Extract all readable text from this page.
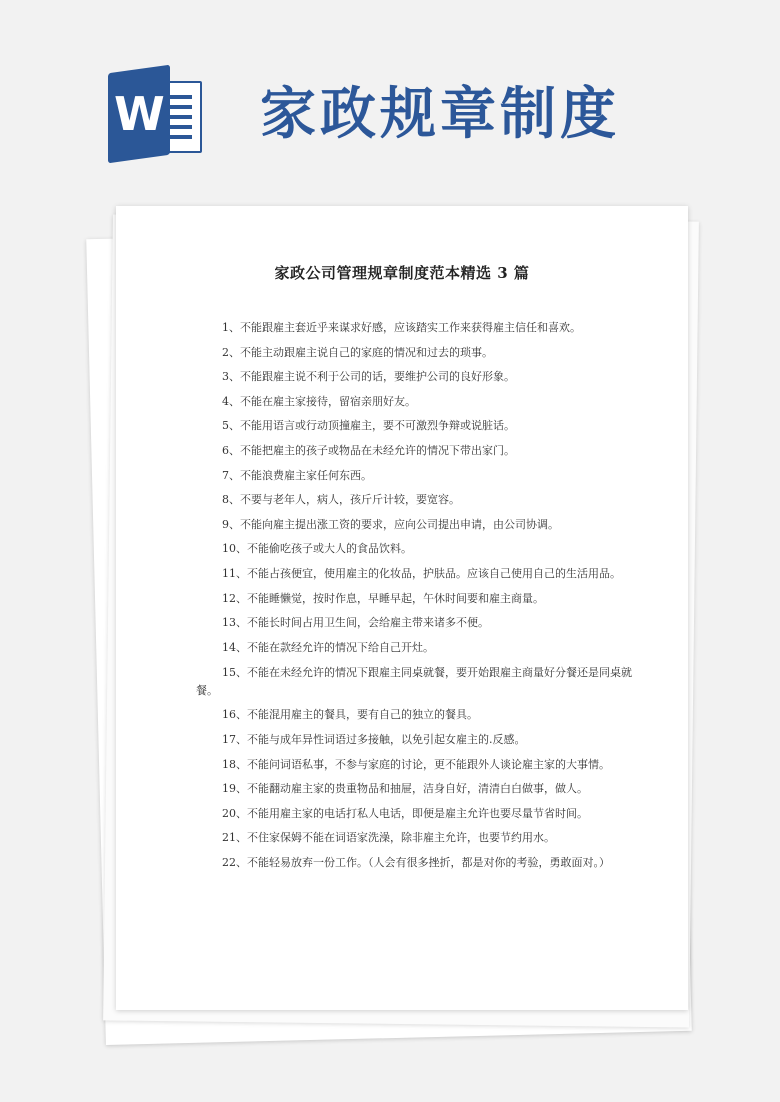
W 家政规章制度
家政公司管理规章制度范本精选 3 篇
1、不能跟雇主套近乎来谋求好感，应该踏实工作来获得雇主信任和喜欢。
2、不能主动跟雇主说自己的家庭的情况和过去的琐事。
3、不能跟雇主说不利于公司的话，要维护公司的良好形象。
4、不能在雇主家接待，留宿亲朋好友。
5、不能用语言或行动顶撞雇主，要不可激烈争辩或说脏话。
6、不能把雇主的孩子或物品在未经允许的情况下带出家门。
7、不能浪费雇主家任何东西。
8、不要与老年人，病人，孩斤斤计较，要宽容。
9、不能向雇主提出涨工资的要求，应向公司提出申请，由公司协调。
10、不能偷吃孩子或大人的食品饮料。
11、不能占孩便宜，使用雇主的化妆品，护肤品。应该自己使用自己的生活用品。
12、不能睡懒觉，按时作息，早睡早起，午休时间要和雇主商量。
13、不能长时间占用卫生间，会给雇主带来诸多不便。
14、不能在款经允许的情况下给自己开灶。
15、不能在未经允许的情况下跟雇主同桌就餐，要开始跟雇主商量好分餐还是同桌就
餐。
16、不能混用雇主的餐具，要有自己的独立的餐具。
17、不能与成年异性词语过多接触，以免引起女雇主的.反感。
18、不能问词语私事，不参与家庭的讨论，更不能跟外人谈论雇主家的大事情。
19、不能翻动雇主家的贵重物品和抽屉，洁身自好，清清白白做事，做人。
20、不能用雇主家的电话打私人电话，即便是雇主允许也要尽量节省时间。
21、不住家保姆不能在词语家洗澡，除非雇主允许，也要节约用水。
22、不能轻易放弃一份工作。（人会有很多挫折，都是对你的考验，勇敢面对。）
